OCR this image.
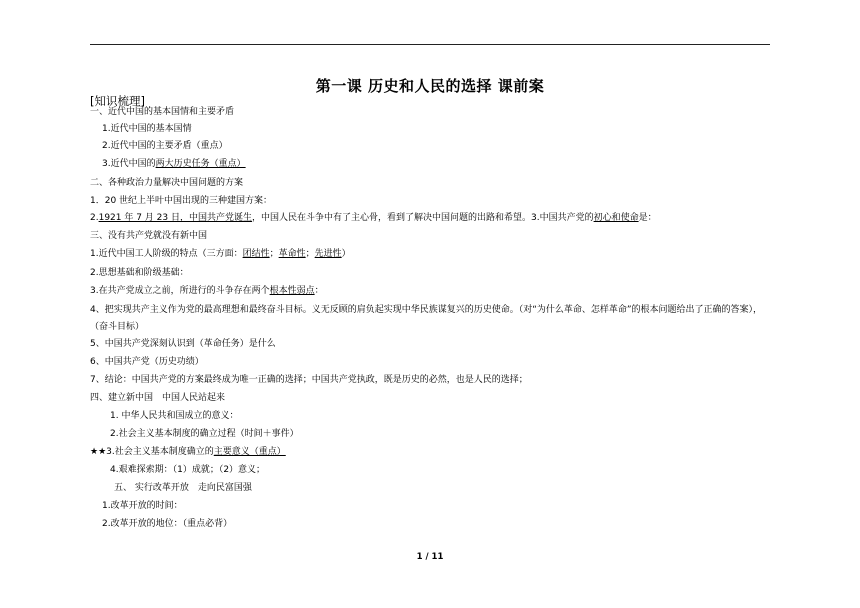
第一课 历史和人民的选择 课前案
[知识梳理]
一、近代中国的基本国情和主要矛盾
1.近代中国的基本国情
2.近代中国的主要矛盾（重点）
3.近代中国的两大历史任务（重点）
二、各种政治力量解决中国问题的方案
1．20 世纪上半叶中国出现的三种建国方案：
2.1921 年 7 月 23 日，中国共产党诞生，中国人民在斗争中有了主心骨，看到了解决中国问题的出路和希望。3.中国共产党的初心和使命是：
三、没有共产党就没有新中国
1.近代中国工人阶级的特点（三方面：团结性；革命性；先进性）
2.思想基础和阶级基础：
3.在共产党成立之前，所进行的斗争存在两个根本性弱点：
4、把实现共产主义作为党的最高理想和最终奋斗目标。义无反顾的肩负起实现中华民族谋复兴的历史使命。（对“为什么革命、怎样革命”的根本问题给出了正确的答案），（奋斗目标）
5、中国共产党深刻认识到（革命任务）是什么
6、中国共产党（历史功绩）
7、结论：中国共产党的方案最终成为唯一正确的选择；中国共产党执政，既是历史的必然，也是人民的选择；
四、建立新中国　中国人民站起来
1. 中华人民共和国成立的意义：
2.社会主义基本制度的确立过程（时间＋事件）
★★3.社会主义基本制度确立的主要意义（重点）
4.艰难探索期：（1）成就；（2）意义；
五、 实行改革开放　走向民富国强
1.改革开放的时间：
2.改革开放的地位：（重点必背）
1 / 11
